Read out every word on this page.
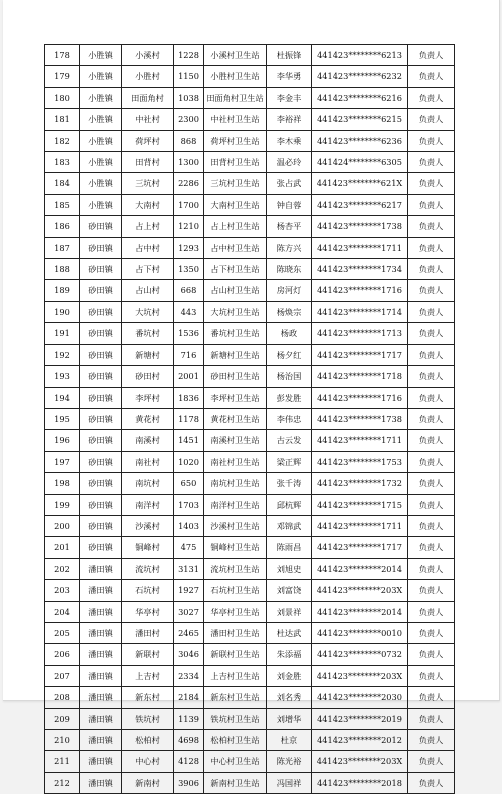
178	小胜镇	小溪村	1228	小溪村卫生站	杜振锋	441423********6213	负责人
179	小胜镇	小胜村	1150	小胜村卫生站	李华勇	441423********6232	负责人
180	小胜镇	田面角村	1038	田面角村卫生站	李金丰	441423********6216	负责人
181	小胜镇	中社村	2300	中社村卫生站	李裕祥	441423********6215	负责人
182	小胜镇	荷坪村	868	荷坪村卫生站	李木乘	441423********6236	负责人
183	小胜镇	田背村	1300	田背村卫生站	温必玲	441424********6305	负责人
184	小胜镇	三坑村	2286	三坑村卫生站	张占武	441423********621X	负责人
185	小胜镇	大南村	1700	大南村卫生站	钟自蓉	441423********6217	负责人
186	砂田镇	占上村	1210	占上村卫生站	杨杏平	441423********1738	负责人
187	砂田镇	占中村	1293	占中村卫生站	陈方兴	441423********1711	负责人
188	砂田镇	占下村	1350	占下村卫生站	陈晓东	441423********1734	负责人
189	砂田镇	占山村	668	占山村卫生站	房河灯	441423********1716	负责人
190	砂田镇	大坑村	443	大坑村卫生站	杨焕宗	441423********1714	负责人
191	砂田镇	番坑村	1536	番坑村卫生站	杨政	441423********1713	负责人
192	砂田镇	新塘村	716	新塘村卫生站	杨夕红	441423********1717	负责人
193	砂田镇	砂田村	2001	砂田村卫生站	杨治国	441423********1718	负责人
194	砂田镇	李坪村	1836	李坪村卫生站	彭发胜	441423********1716	负责人
195	砂田镇	黄花村	1178	黄花村卫生站	李伟忠	441423********1738	负责人
196	砂田镇	南溪村	1451	南溪村卫生站	古云发	441423********1711	负责人
197	砂田镇	南社村	1020	南社村卫生站	梁正辉	441423********1753	负责人
198	砂田镇	南坑村	650	南坑村卫生站	张千涛	441423********1732	负责人
199	砂田镇	南洋村	1703	南洋村卫生站	邱杭辉	441423********1715	负责人
200	砂田镇	沙溪村	1403	沙溪村卫生站	邓锦武	441423********1711	负责人
201	砂田镇	铜峰村	475	铜峰村卫生站	陈雨昌	441423********1717	负责人
202	潘田镇	流坑村	3131	流坑村卫生站	刘旭史	441423********2014	负责人
203	潘田镇	石坑村	1927	石坑村卫生站	刘富饶	441423********203X	负责人
204	潘田镇	华亭村	3027	华亭村卫生站	刘景祥	441423********2014	负责人
205	潘田镇	潘田村	2465	潘田村卫生站	杜达武	441423********0010	负责人
206	潘田镇	新联村	3046	新联村卫生站	朱添福	441423********0732	负责人
207	潘田镇	上吉村	2334	上吉村卫生站	刘金胜	441423********203X	负责人
208	潘田镇	新东村	2184	新东村卫生站	刘名秀	441423********2030	负责人
209	潘田镇	铁坑村	1139	铁坑村卫生站	刘增华	441423********2019	负责人
210	潘田镇	松柏村	4698	松柏村卫生站	杜京	441423********2012	负责人
211	潘田镇	中心村	4128	中心村卫生站	陈光裕	441423********203X	负责人
212	潘田镇	新南村	3906	新南村卫生站	冯国祥	441423********2018	负责人
